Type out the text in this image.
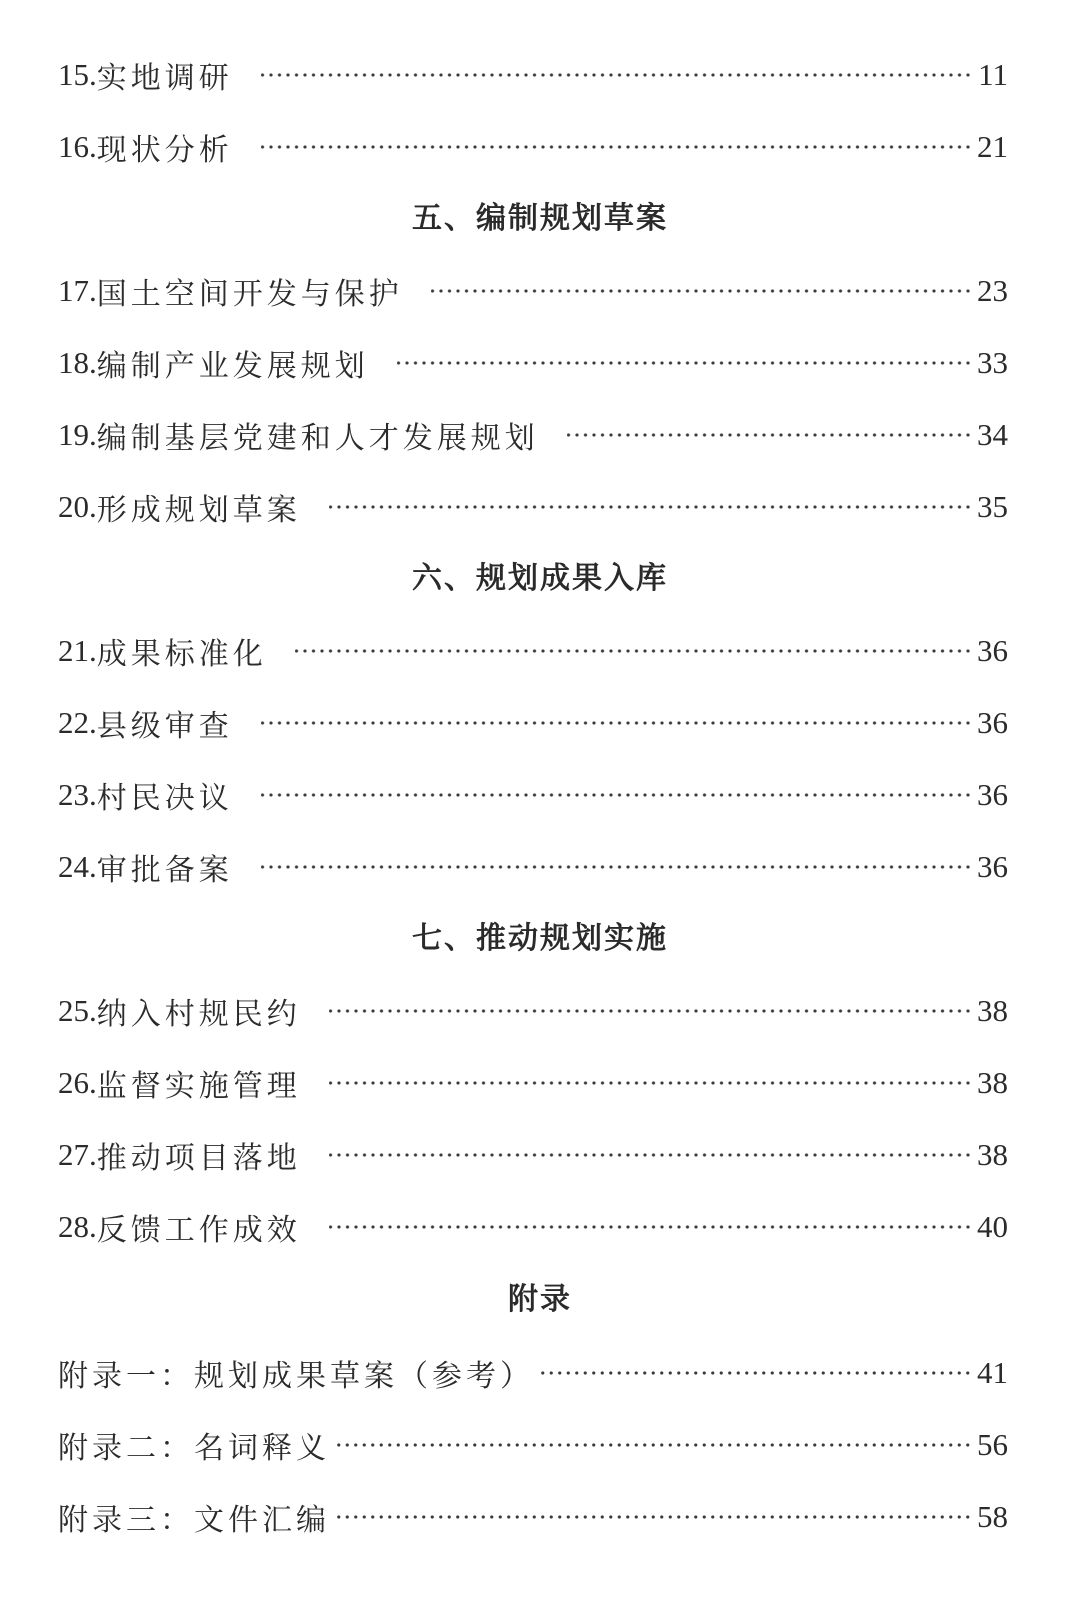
15. 实地调研	11
16. 现状分析	21
五、编制规划草案
17. 国土空间开发与保护	23
18. 编制产业发展规划	33
19. 编制基层党建和人才发展规划	34
20. 形成规划草案	35
六、规划成果入库
21. 成果标准化	36
22. 县级审查	36
23. 村民决议	36
24. 审批备案	36
七、推动规划实施
25. 纳入村规民约	38
26. 监督实施管理	38
27. 推动项目落地	38
28. 反馈工作成效	40
附录
附录一：规划成果草案（参考）	41
附录二：名词释义	56
附录三：文件汇编	58
